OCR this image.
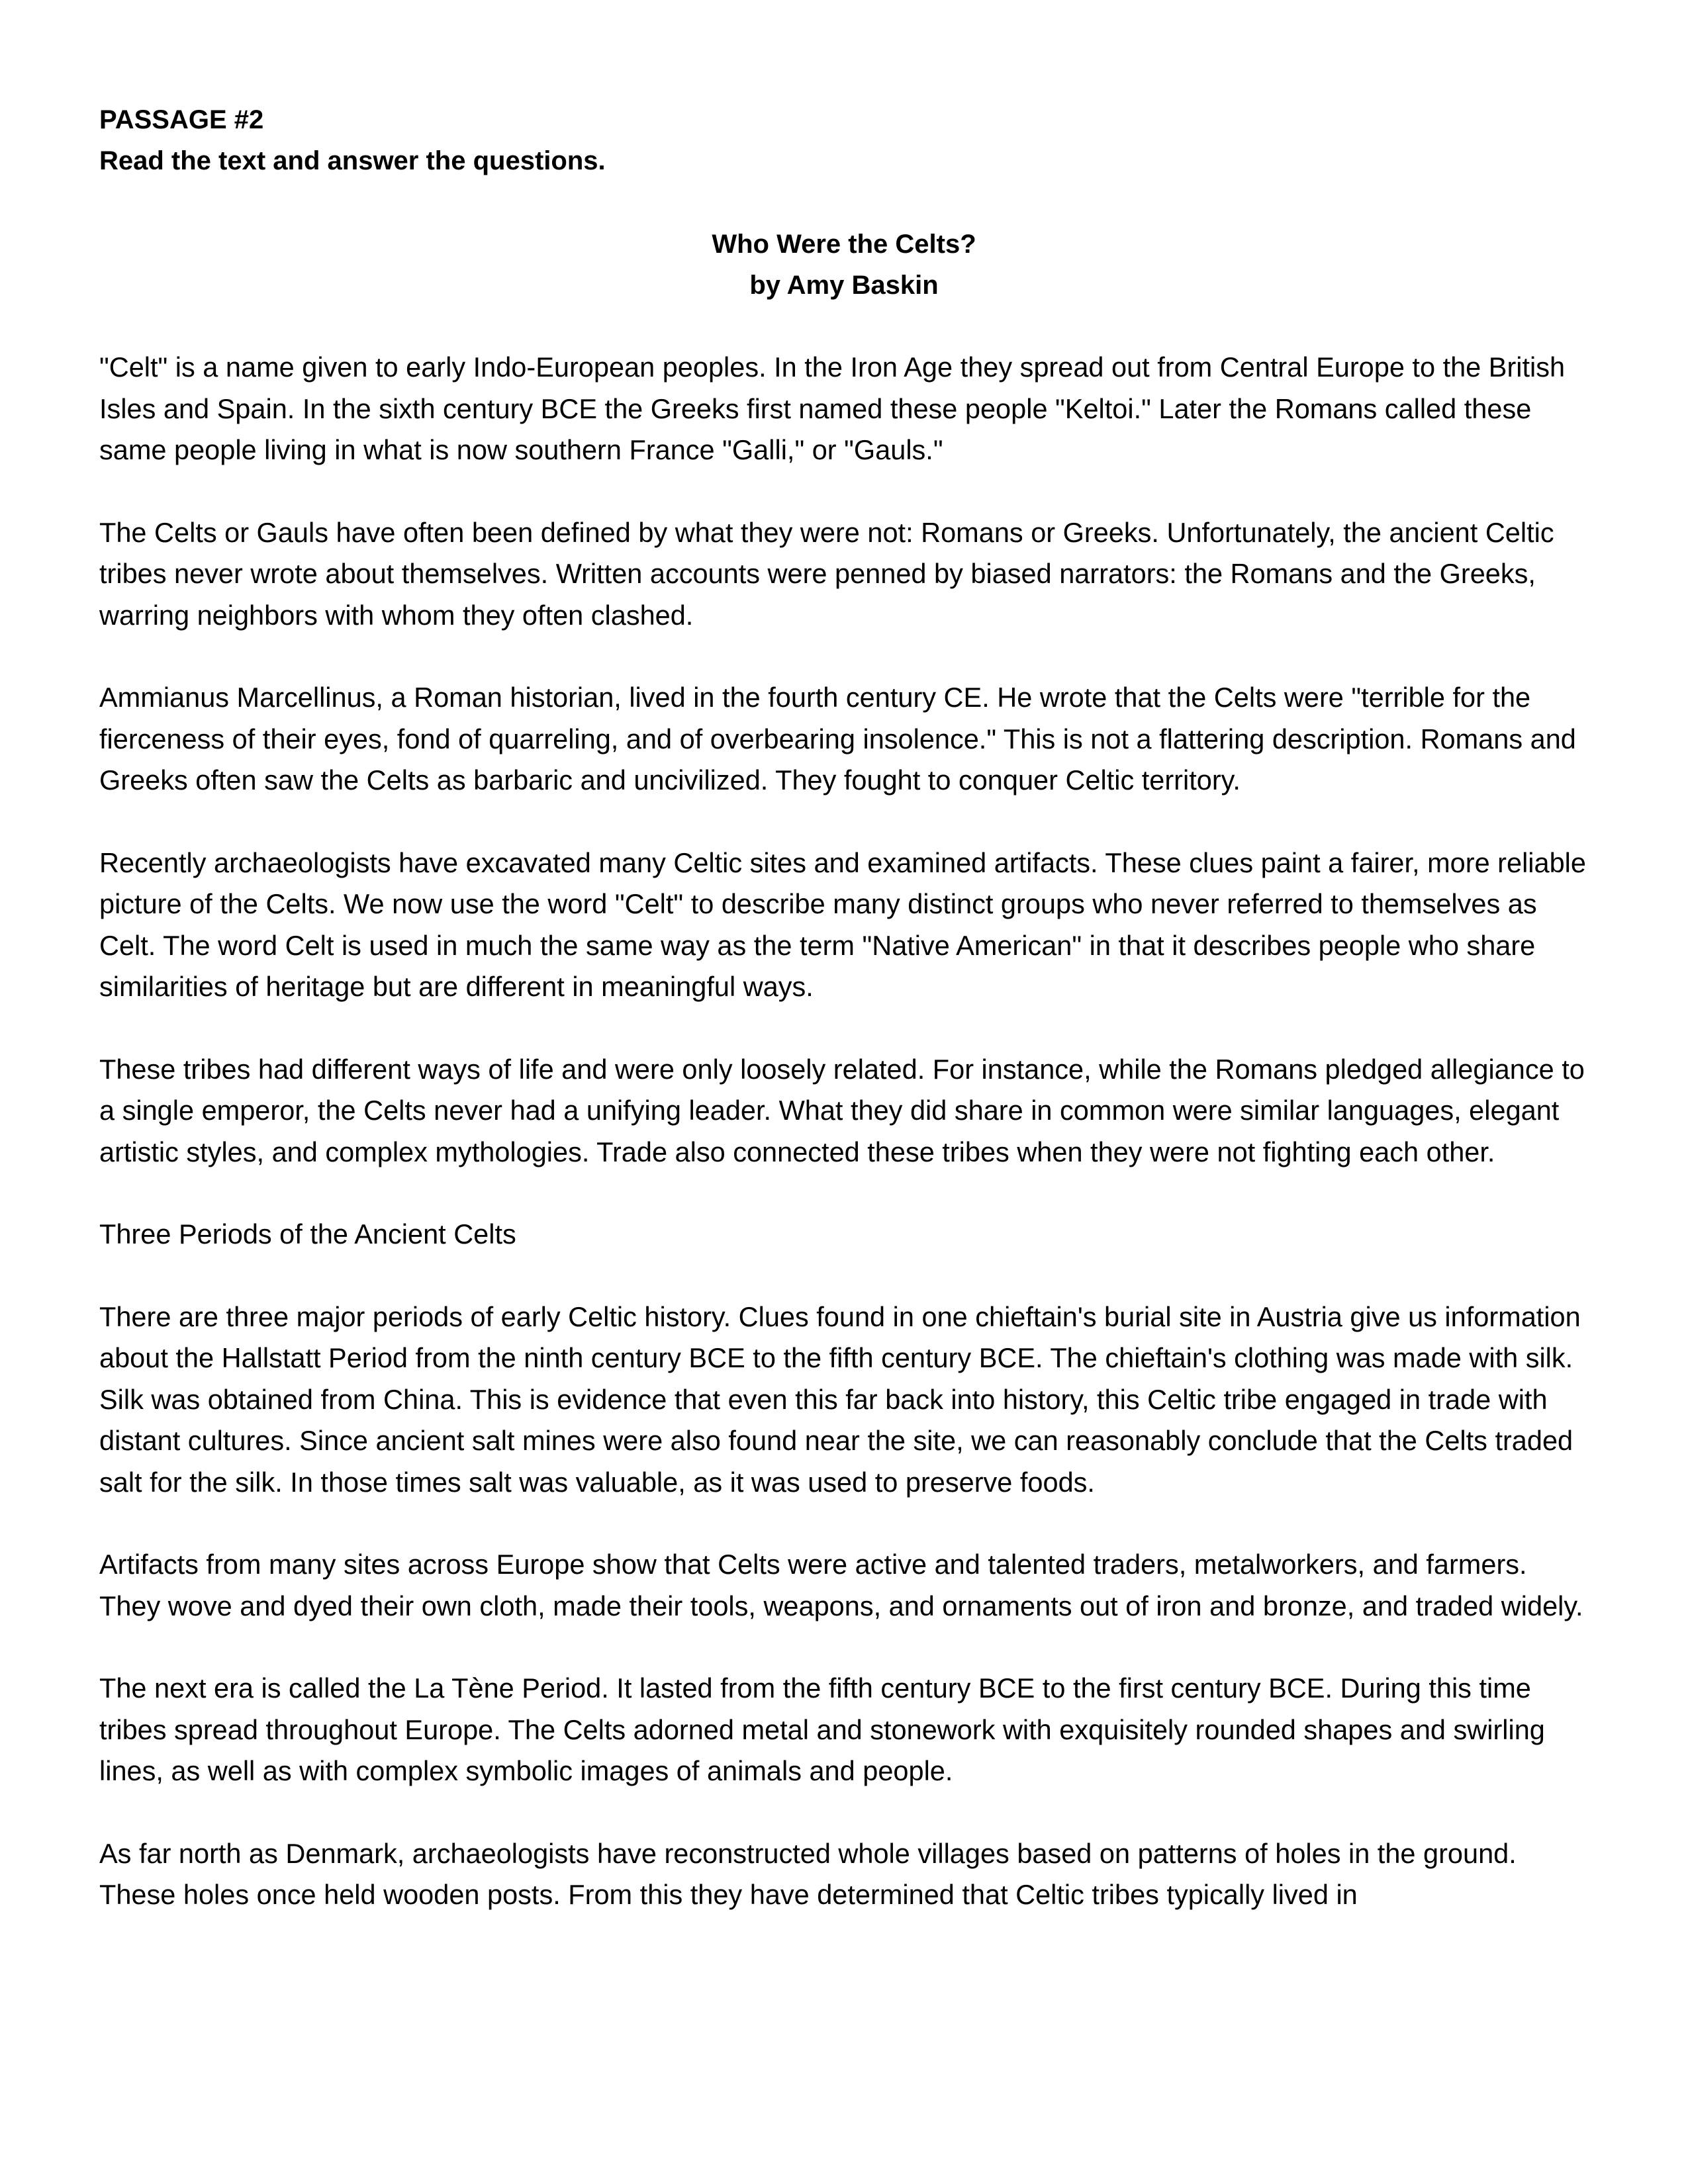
PASSAGE #2

Read the text and answer the questions.

Who Were the Celts?

by Amy Baskin

"Celt" is a name given to early Indo-European peoples. In the Iron Age they spread out from Central Europe to the British Isles and Spain. In the sixth century BCE the Greeks first named these people "Keltoi." Later the Romans called these same people living in what is now southern France "Galli," or "Gauls."

The Celts or Gauls have often been defined by what they were not: Romans or Greeks. Unfortunately, the ancient Celtic tribes never wrote about themselves. Written accounts were penned by biased narrators: the Romans and the Greeks, warring neighbors with whom they often clashed.

Ammianus Marcellinus, a Roman historian, lived in the fourth century CE. He wrote that the Celts were "terrible for the fierceness of their eyes, fond of quarreling, and of overbearing insolence." This is not a flattering description. Romans and Greeks often saw the Celts as barbaric and uncivilized. They fought to conquer Celtic territory.

Recently archaeologists have excavated many Celtic sites and examined artifacts. These clues paint a fairer, more reliable picture of the Celts. We now use the word "Celt" to describe many distinct groups who never referred to themselves as Celt. The word Celt is used in much the same way as the term "Native American" in that it describes people who share similarities of heritage but are different in meaningful ways.

These tribes had different ways of life and were only loosely related. For instance, while the Romans pledged allegiance to a single emperor, the Celts never had a unifying leader. What they did share in common were similar languages, elegant artistic styles, and complex mythologies. Trade also connected these tribes when they were not fighting each other.

Three Periods of the Ancient Celts

There are three major periods of early Celtic history. Clues found in one chieftain's burial site in Austria give us information about the Hallstatt Period from the ninth century BCE to the fifth century BCE. The chieftain's clothing was made with silk. Silk was obtained from China. This is evidence that even this far back into history, this Celtic tribe engaged in trade with distant cultures. Since ancient salt mines were also found near the site, we can reasonably conclude that the Celts traded salt for the silk. In those times salt was valuable, as it was used to preserve foods.

Artifacts from many sites across Europe show that Celts were active and talented traders, metalworkers, and farmers. They wove and dyed their own cloth, made their tools, weapons, and ornaments out of iron and bronze, and traded widely.

The next era is called the La Tène Period. It lasted from the fifth century BCE to the first century BCE. During this time tribes spread throughout Europe. The Celts adorned metal and stonework with exquisitely rounded shapes and swirling lines, as well as with complex symbolic images of animals and people.

As far north as Denmark, archaeologists have reconstructed whole villages based on patterns of holes in the ground. These holes once held wooden posts. From this they have determined that Celtic tribes typically lived in
